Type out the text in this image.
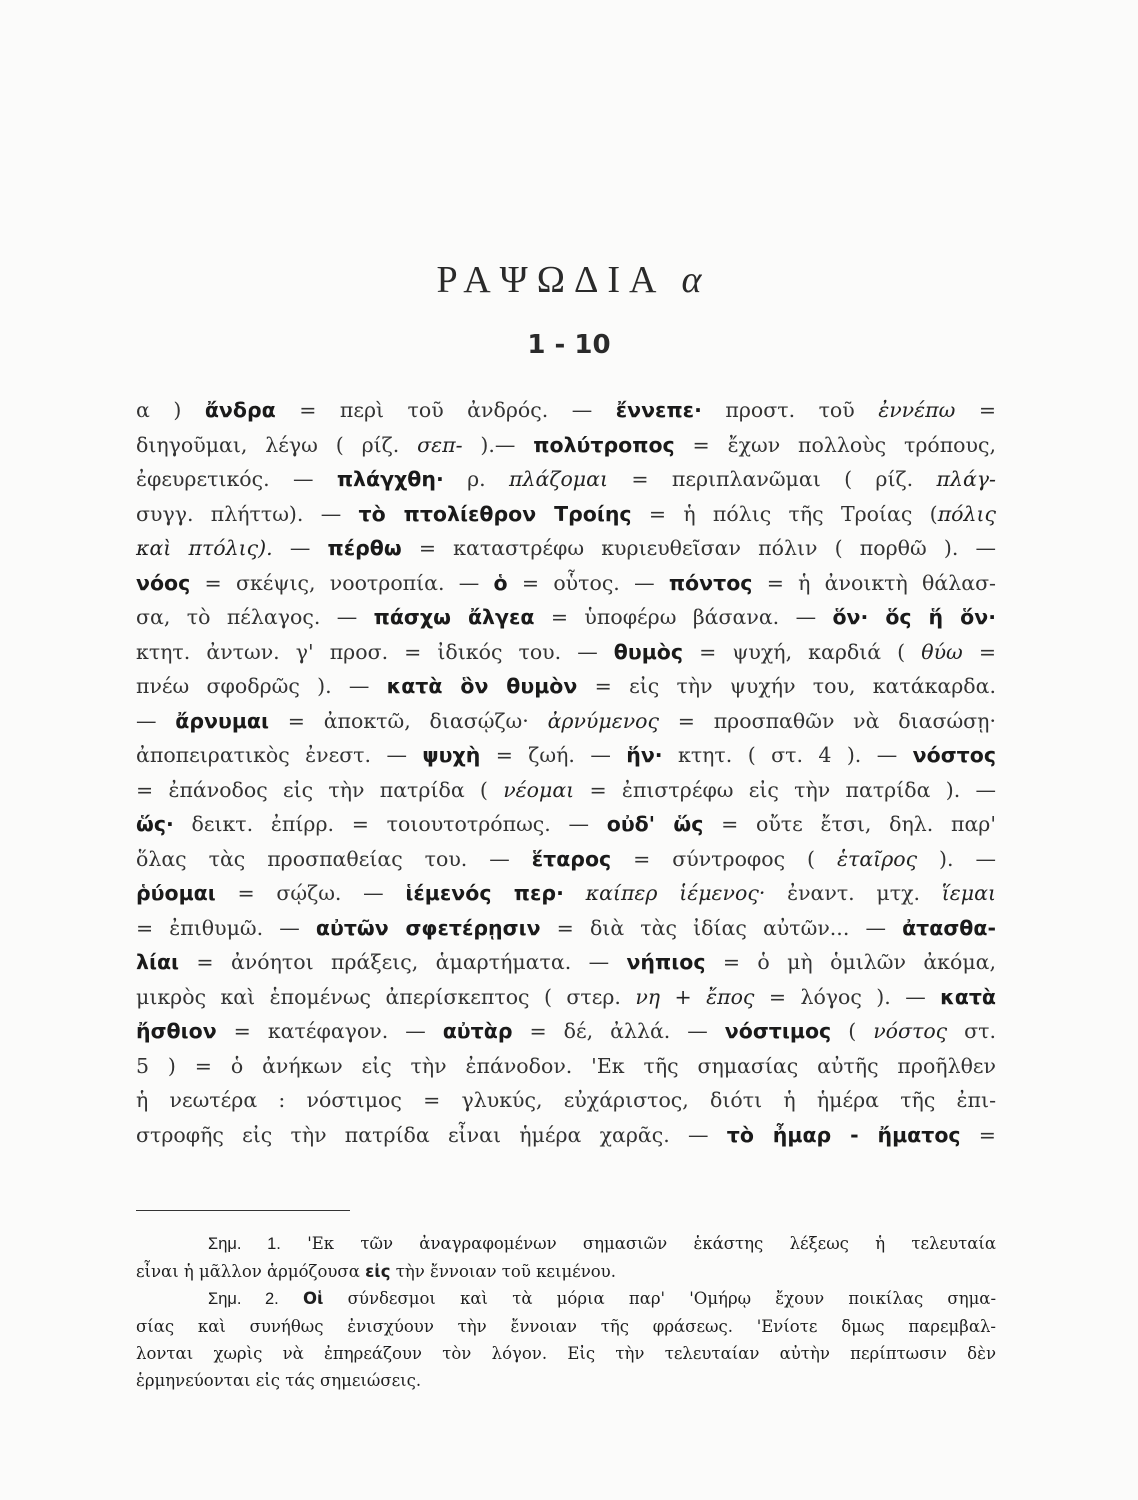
ΡΑΨΩΔΙΑ α
1 - 10
α ) ἄνδρα = περὶ τοῦ ἀνδρός. — ἔννεπε· προστ. τοῦ ἐννέπω =
διηγοῦμαι, λέγω ( ρίζ. σεπ- ).— πολύτροπος = ἔχων πολλοὺς τρόπους,
ἐφευρετικός. — πλάγχθη· ρ. πλάζομαι = περιπλανῶμαι ( ρίζ. πλάγ-
συγγ. πλήττω). — τὸ πτολίεθρον Τροίης = ἡ πόλις τῆς Τροίας (πόλις
καὶ πτόλις). — πέρθω = καταστρέφω κυριευθεῖσαν πόλιν ( πορθῶ ). —
νόος = σκέψις, νοοτροπία. — ὁ = οὗτος. — πόντος = ἡ ἀνοικτὴ θάλασ-
σα, τὸ πέλαγος. — πάσχω ἄλγεα = ὑποφέρω βάσανα. — ὅν· ὅς ἥ ὅν·
κτητ. ἀντων. γ' προσ. = ἰδικός του. — θυμὸς = ψυχή, καρδιά ( θύω =
πνέω σφοδρῶς ). — κατὰ ὃν θυμὸν = εἰς τὴν ψυχήν του, κατάκαρδα.
— ἄρνυμαι = ἀποκτῶ, διασῴζω· ἀρνύμενος = προσπαθῶν νὰ διασώσῃ·
ἀποπειρατικὸς ἐνεστ. — ψυχὴ = ζωή. — ἥν· κτητ. ( στ. 4 ). — νόστος
= ἐπάνοδος εἰς τὴν πατρίδα ( νέομαι = ἐπιστρέφω εἰς τὴν πατρίδα ). —
ὥς· δεικτ. ἐπίρρ. = τοιουτοτρόπως. — οὐδ' ὥς = οὔτε ἔτσι, δηλ. παρ'
ὅλας τὰς προσπαθείας του. — ἕταρος = σύντροφος ( ἑταῖρος ). —
ῥύομαι = σῴζω. — ἱέμενός περ· καίπερ ἱέμενος· ἐναντ. μτχ. ἵεμαι
= ἐπιθυμῶ. — αὐτῶν σφετέρῃσιν = διὰ τὰς ἰδίας αὐτῶν... — ἀτασθα-
λίαι = ἀνόητοι πράξεις, ἁμαρτήματα. — νήπιος = ὁ μὴ ὁμιλῶν ἀκόμα,
μικρὸς καὶ ἑπομένως ἀπερίσκεπτος ( στερ. νη + ἔπος = λόγος ). — κατὰ
ἤσθιον = κατέφαγον. — αὐτὰρ = δέ, ἀλλά. — νόστιμος ( νόστος στ.
5 ) = ὁ ἀνήκων εἰς τὴν ἐπάνοδον. 'Εκ τῆς σημασίας αὐτῆς προῆλθεν
ἡ νεωτέρα : νόστιμος = γλυκύς, εὐχάριστος, διότι ἡ ἡμέρα τῆς ἐπι-
στροφῆς εἰς τὴν πατρίδα εἶναι ἡμέρα χαρᾶς. — τὸ ἦμαρ - ἤματος =
Σημ. 1. 'Εκ τῶν ἀναγραφομένων σημασιῶν ἑκάστης λέξεως ἡ τελευταία
εἶναι ἡ μᾶλλον ἁρμόζουσα εἰς τὴν ἔννοιαν τοῦ κειμένου.
Σημ. 2. Οἱ σύνδεσμοι καὶ τὰ μόρια παρ' 'Ομήρῳ ἔχουν ποικίλας σημα-
σίας καὶ συνήθως ἐνισχύουν τὴν ἔννοιαν τῆς φράσεως. 'Ενίοτε δμως παρεμβαλ-
λονται χωρὶς νὰ ἐπηρεάζουν τὸν λόγον. Εἰς τὴν τελευταίαν αὐτὴν περίπτωσιν δὲν
ἑρμηνεύονται εἰς τάς σημειώσεις.
